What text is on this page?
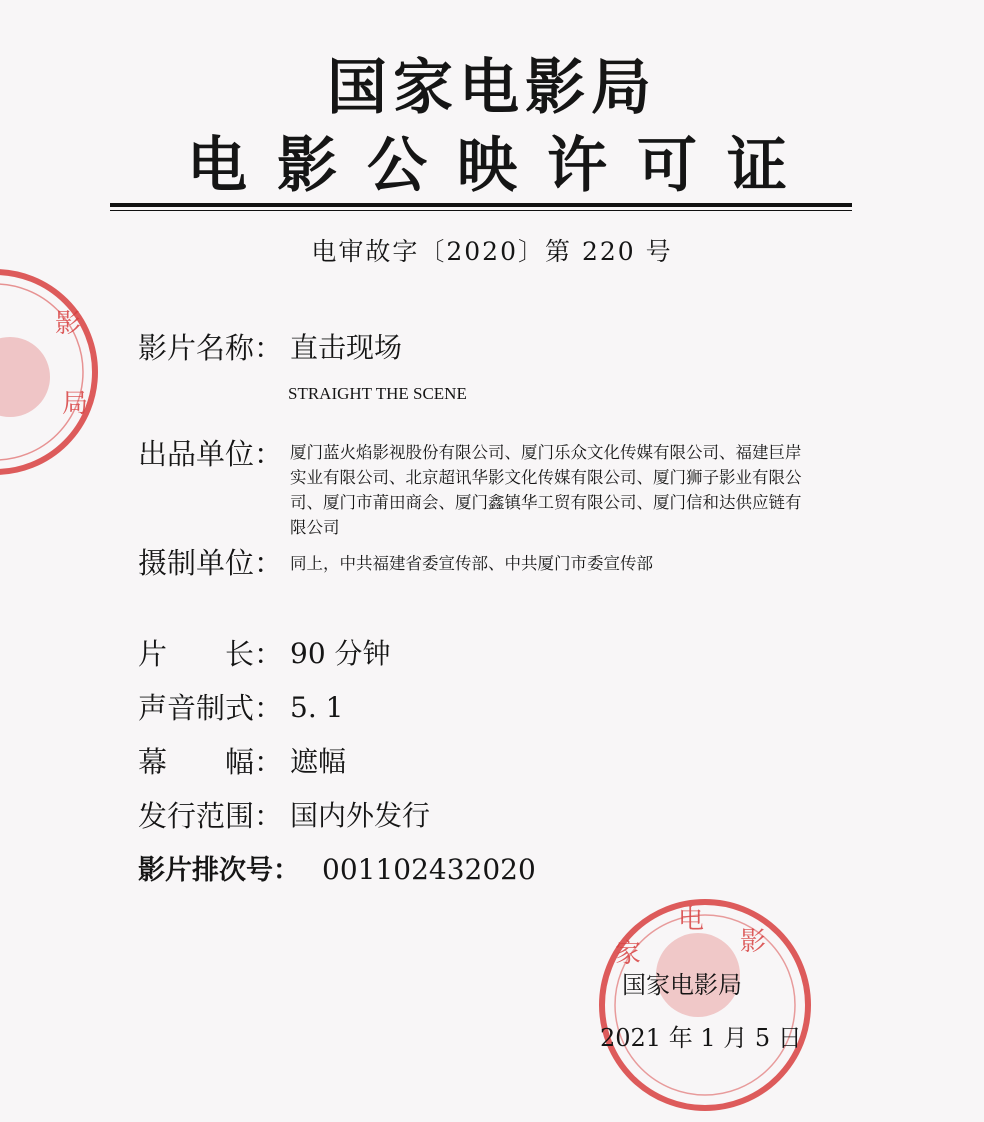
影
局
家
电
影
国家电影局
电影公映许可证
电审故字〔2020〕第 220 号
影片名称： 直击现场
STRAIGHT THE SCENE
出品单位： 厦门蓝火焰影视股份有限公司、厦门乐众文化传媒有限公司、福建巨岸
实业有限公司、北京超讯华影文化传媒有限公司、厦门狮子影业有限公
司、厦门市莆田商会、厦门鑫镇华工贸有限公司、厦门信和达供应链有
限公司
摄制单位： 同上，中共福建省委宣传部、中共厦门市委宣传部
片　　长： 90 分钟
声音制式： 5. 1
幕　　幅： 遮幅
发行范围： 国内外发行
影片排次号： 001102432020
国家电影局
2021 年 1 月 5 日
